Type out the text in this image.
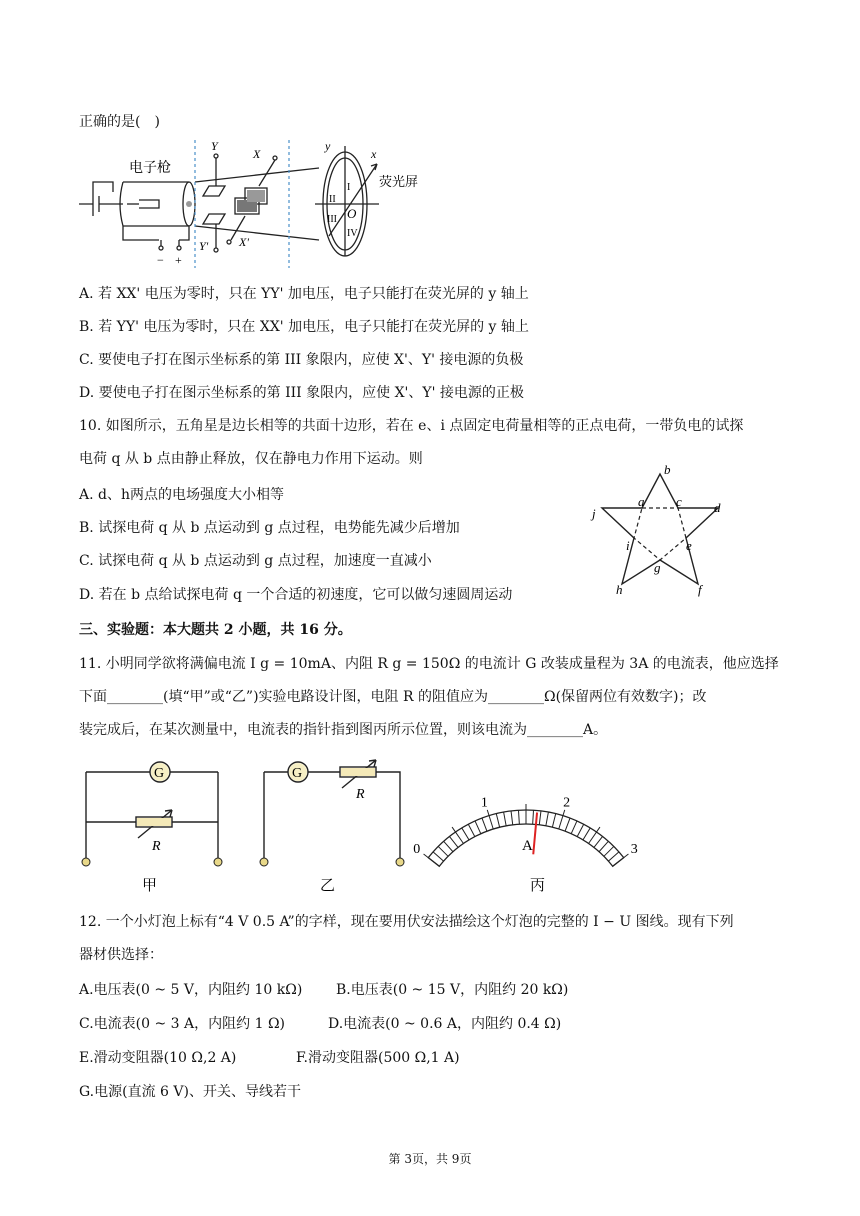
正确的是(　)
电子枪
荧光屏
Y
Y'
X
X'
y
x
O
I
II
III
IV
− +
A. 若 XX' 电压为零时，只在 YY' 加电压，电子只能打在荧光屏的 y 轴上
B. 若 YY' 电压为零时，只在 XX' 加电压，电子只能打在荧光屏的 y 轴上
C. 要使电子打在图示坐标系的第 III 象限内，应使 X'、Y' 接电源的负极
D. 要使电子打在图示坐标系的第 III 象限内，应使 X'、Y' 接电源的正极
10. 如图所示，五角星是边长相等的共面十边形，若在 e、i 点固定电荷量相等的正点电荷，一带负电的试探
电荷 q 从 b 点由静止释放，仅在静电力作用下运动。则
A. d、h两点的电场强度大小相等
B. 试探电荷 q 从 b 点运动到 g 点过程，电势能先减少后增加
C. 试探电荷 q 从 b 点运动到 g 点过程，加速度一直减小
D. 若在 b 点给试探电荷 q 一个合适的初速度，它可以做匀速圆周运动
b
a c d
j
i	e
g
h	f
三、实验题：本大题共 2 小题，共 16 分。
11. 小明同学欲将满偏电流 I g = 10mA、内阻 R g = 150Ω 的电流计 G 改装成量程为 3A 的电流表，他应选择
下面________(填“甲”或“乙”)实验电路设计图，电阻 R 的阻值应为________Ω(保留两位有效数字)；改
装完成后，在某次测量中，电流表的指针指到图丙所示位置，则该电流为________A。
G
R
甲
G
R
乙
0
1	2
3
A
丙
12. 一个小灯泡上标有“4 V 0.5 A”的字样，现在要用伏安法描绘这个灯泡的完整的 I − U 图线。现有下列
器材供选择：
A.电压表(0 ~ 5 V，内阻约 10 kΩ) B.电压表(0 ~ 15 V，内阻约 20 kΩ)
C.电流表(0 ~ 3 A，内阻约 1 Ω)	D.电流表(0 ~ 0.6 A，内阻约 0.4 Ω)
E.滑动变阻器(10 Ω,2 A)	F.滑动变阻器(500 Ω,1 A)
G.电源(直流 6 V)、开关、导线若干
第 3页，共 9页
